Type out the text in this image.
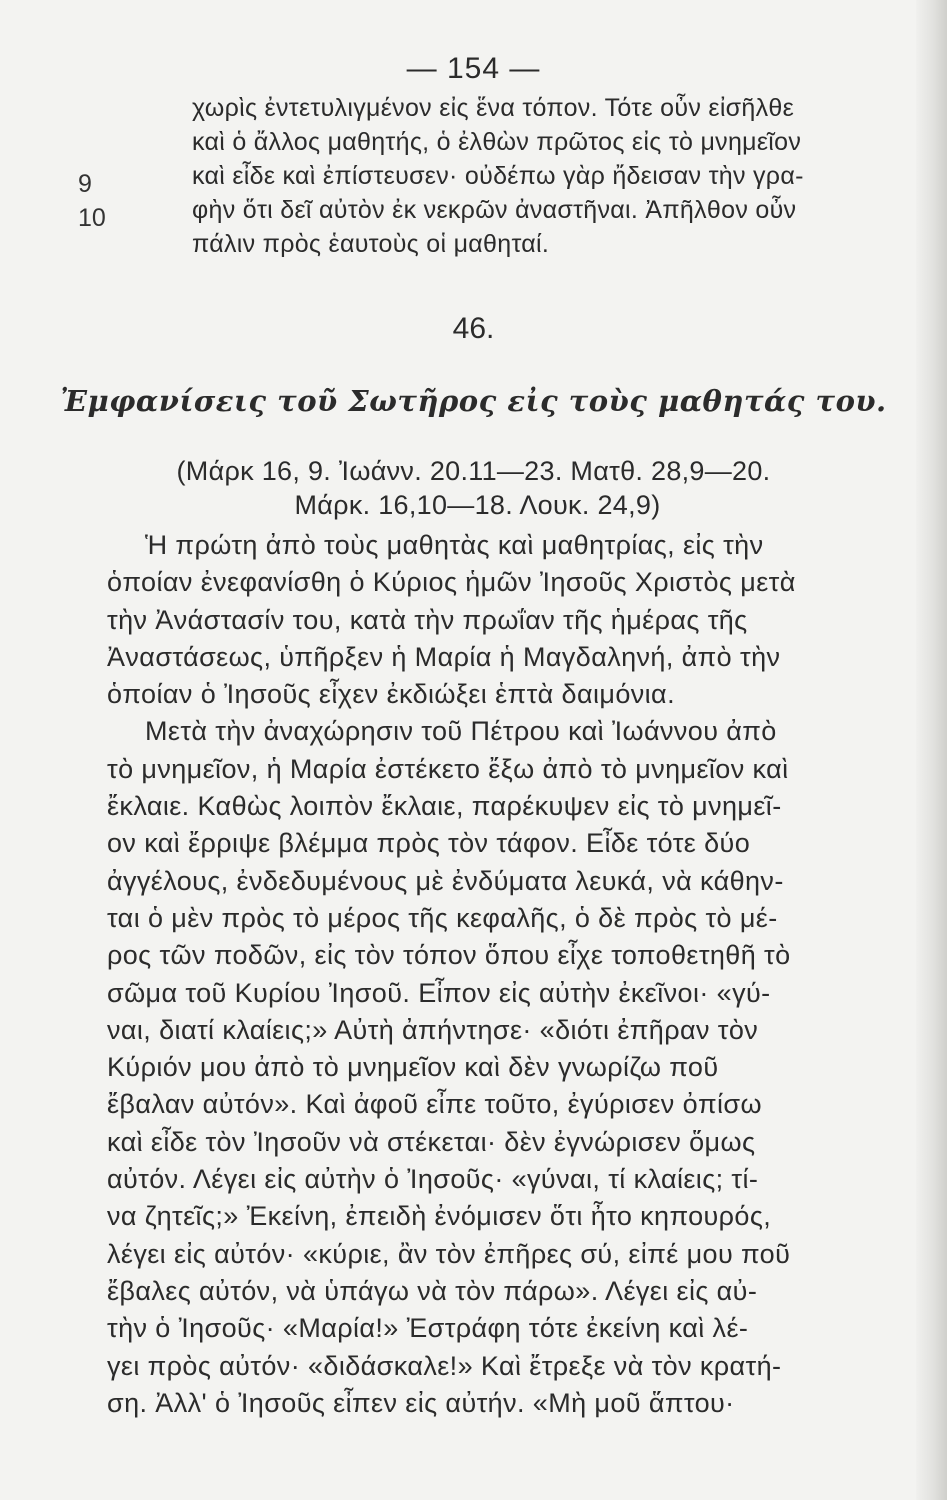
— 154 —
9
10
χωρὶς ἐντετυλιγμένον εἰς ἕνα τόπον. Τότε οὖν εἰσῆλθε
καὶ ὁ ἄλλος μαθητής, ὁ ἐλθὼν πρῶτος εἰς τὸ μνημεῖον
καὶ εἶδε καὶ ἐπίστευσεν· οὐδέπω γὰρ ἤδεισαν τὴν γρα-
φὴν ὅτι δεῖ αὐτὸν ἐκ νεκρῶν ἀναστῆναι. Ἀπῆλθον οὖν
πάλιν πρὸς ἑαυτοὺς οἱ μαθηταί.
46.
Ἐμφανίσεις τοῦ Σωτῆρος εἰς τοὺς μαθητάς του.
(Μάρκ 16, 9. Ἰωάνν. 20.11—23. Ματθ. 28,9—20.
Μάρκ. 16,10—18. Λουκ. 24,9)
Ἡ πρώτη ἀπὸ τοὺς μαθητὰς καὶ μαθητρίας, εἰς τὴν
ὁποίαν ἐνεφανίσθη ὁ Κύριος ἡμῶν Ἰησοῦς Χριστὸς μετὰ
τὴν Ἀνάστασίν του, κατὰ τὴν πρωΐαν τῆς ἡμέρας τῆς
Ἀναστάσεως, ὑπῆρξεν ἡ Μαρία ἡ Μαγδαληνή, ἀπὸ τὴν
ὁποίαν ὁ Ἰησοῦς εἶχεν ἐκδιώξει ἑπτὰ δαιμόνια.
Μετὰ τὴν ἀναχώρησιν τοῦ Πέτρου καὶ Ἰωάννου ἀπὸ
τὸ μνημεῖον, ἡ Μαρία ἐστέκετο ἔξω ἀπὸ τὸ μνημεῖον καὶ
ἔκλαιε. Καθὼς λοιπὸν ἔκλαιε, παρέκυψεν εἰς τὸ μνημεῖ-
ον καὶ ἔρριψε βλέμμα πρὸς τὸν τάφον. Εἶδε τότε δύο
ἀγγέλους, ἐνδεδυμένους μὲ ἐνδύματα λευκά, νὰ κάθην-
ται ὁ μὲν πρὸς τὸ μέρος τῆς κεφαλῆς, ὁ δὲ πρὸς τὸ μέ-
ρος τῶν ποδῶν, εἰς τὸν τόπον ὅπου εἶχε τοποθετηθῆ τὸ
σῶμα τοῦ Κυρίου Ἰησοῦ. Εἶπον εἰς αὐτὴν ἐκεῖνοι· «γύ-
ναι, διατί κλαίεις;» Αὐτὴ ἀπήντησε· «διότι ἐπῆραν τὸν
Κύριόν μου ἀπὸ τὸ μνημεῖον καὶ δὲν γνωρίζω ποῦ
ἔβαλαν αὐτόν». Καὶ ἀφοῦ εἶπε τοῦτο, ἐγύρισεν ὀπίσω
καὶ εἶδε τὸν Ἰησοῦν νὰ στέκεται· δὲν ἐγνώρισεν ὅμως
αὐτόν. Λέγει εἰς αὐτὴν ὁ Ἰησοῦς· «γύναι, τί κλαίεις; τί-
να ζητεῖς;» Ἐκείνη, ἐπειδὴ ἐνόμισεν ὅτι ἦτο κηπουρός,
λέγει εἰς αὐτόν· «κύριε, ἂν τὸν ἐπῆρες σύ, εἰπέ μου ποῦ
ἔβαλες αὐτόν, νὰ ὑπάγω νὰ τὸν πάρω». Λέγει εἰς αὐ-
τὴν ὁ Ἰησοῦς· «Μαρία!» Ἐστράφη τότε ἐκείνη καὶ λέ-
γει πρὸς αὐτόν· «διδάσκαλε!» Καὶ ἔτρεξε νὰ τὸν κρατή-
ση. Ἀλλ' ὁ Ἰησοῦς εἶπεν εἰς αὐτήν. «Μὴ μοῦ ἅπτου·
